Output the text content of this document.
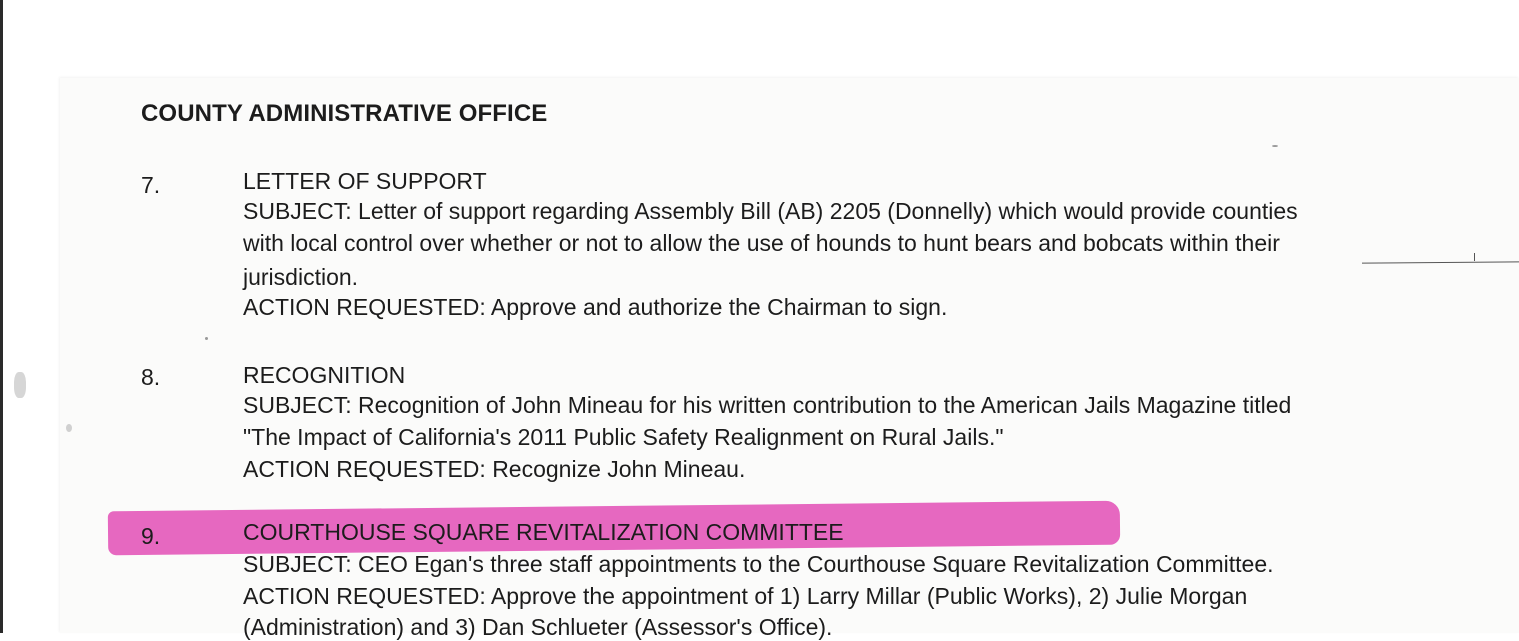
COUNTY ADMINISTRATIVE OFFICE
7.	LETTER OF SUPPORT
SUBJECT: Letter of support regarding Assembly Bill (AB) 2205 (Donnelly) which would provide counties
with local control over whether or not to allow the use of hounds to hunt bears and bobcats within their
jurisdiction.
ACTION REQUESTED: Approve and authorize the Chairman to sign.
8.	RECOGNITION
SUBJECT: Recognition of John Mineau for his written contribution to the American Jails Magazine titled
"The Impact of California's 2011 Public Safety Realignment on Rural Jails."
ACTION REQUESTED: Recognize John Mineau.
9.	COURTHOUSE SQUARE REVITALIZATION COMMITTEE
SUBJECT: CEO Egan's three staff appointments to the Courthouse Square Revitalization Committee.
ACTION REQUESTED: Approve the appointment of 1) Larry Millar (Public Works), 2) Julie Morgan
(Administration) and 3) Dan Schlueter (Assessor's Office).
